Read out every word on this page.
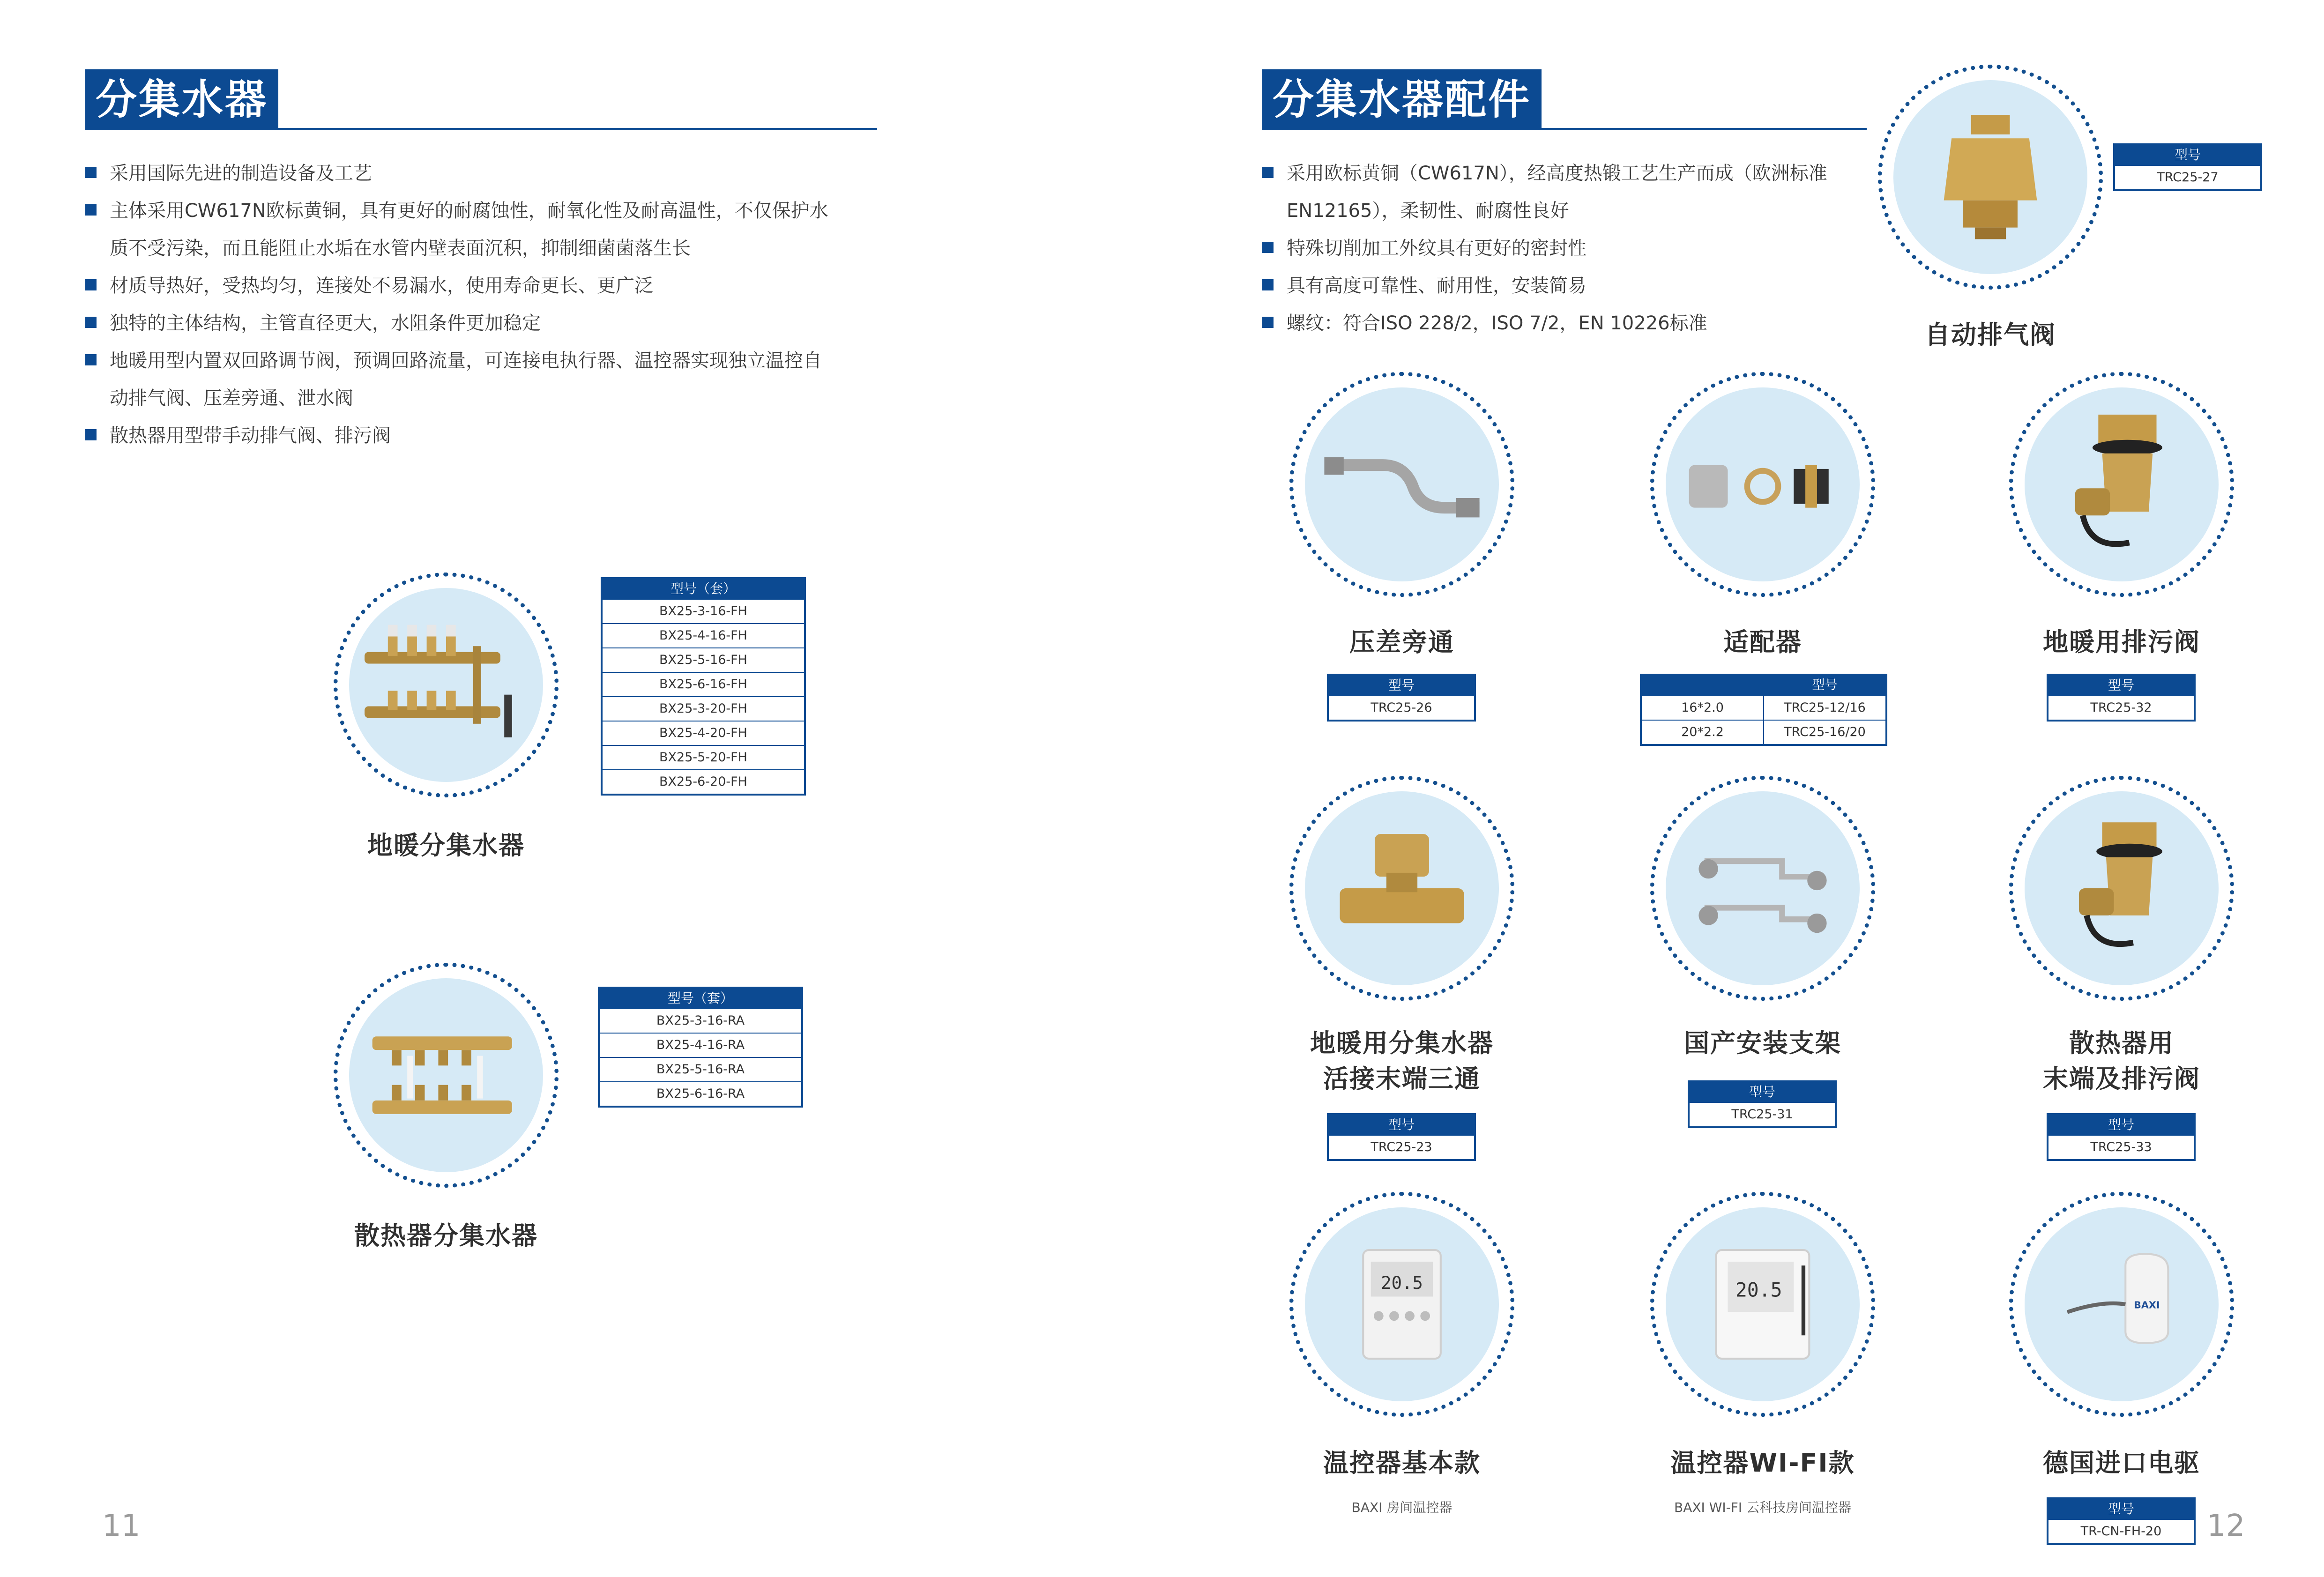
分集水器
采用国际先进的制造设备及工艺
主体采用CW617N欧标黄铜，具有更好的耐腐蚀性，耐氧化性及耐高温性，不仅保护水
质不受污染，而且能阻止水垢在水管内壁表面沉积，抑制细菌菌落生长
材质导热好，受热均匀，连接处不易漏水，使用寿命更长、更广泛
独特的主体结构，主管直径更大，水阻条件更加稳定
地暖用型内置双回路调节阀，预调回路流量，可连接电执行器、温控器实现独立温控自
动排气阀、压差旁通、泄水阀
散热器用型带手动排气阀、排污阀
型号（套）
BX25-3-16-FH
BX25-4-16-FH
BX25-5-16-FH
BX25-6-16-FH
BX25-3-20-FH
BX25-4-20-FH
BX25-5-20-FH
BX25-6-20-FH
地暖分集水器
型号（套）
BX25-3-16-RA
BX25-4-16-RA
BX25-5-16-RA
BX25-6-16-RA
散热器分集水器
11
分集水器配件
采用欧标黄铜（CW617N），经高度热锻工艺生产而成（欧洲标准
EN12165），柔韧性、耐腐性良好
特殊切削加工外纹具有更好的密封性
具有高度可靠性、耐用性，安装简易
螺纹：符合ISO 228/2，ISO 7/2，EN 10226标准
型号
TRC25-27
自动排气阀
压差旁通
型号
TRC25-26
适配器
型号
16*2.0	TRC25-12/16
20*2.2	TRC25-16/20
地暖用排污阀
型号
TRC25-32
地暖用分集水器
活接末端三通
型号
TRC25-23
国产安装支架
型号
TRC25-31
散热器用
末端及排污阀
型号
TRC25-33
20.5
温控器基本款
BAXI 房间温控器
20.5
温控器WI-FI款
BAXI WI-FI 云科技房间温控器
BAXI
德国进口电驱
型号
TR-CN-FH-20	12
